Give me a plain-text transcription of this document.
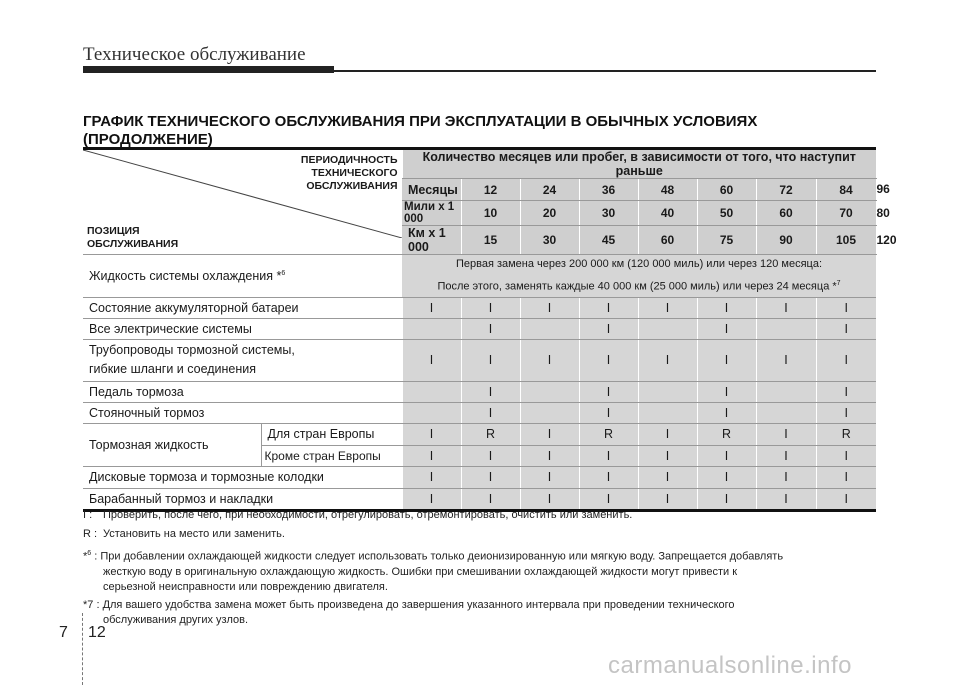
Техническое обслуживание
ГРАФИК ТЕХНИЧЕСКОГО ОБСЛУЖИВАНИЯ ПРИ ЭКСПЛУАТАЦИИ В ОБЫЧНЫХ УСЛОВИЯХ (ПРОДОЛЖЕНИЕ)
ПЕРИОДИЧНОСТЬ
ТЕХНИЧЕСКОГО
ОБСЛУЖИВАНИЯ
ПОЗИЦИЯ
ОБСЛУЖИВАНИЯ		Количество месяцев или пробег, в зависимости от того, что наступит раньше								
		Месяцы	12	24	36	48	60	72	84	96
		Мили x 1 000	10	20	30	40	50	60	70	80
		Км x 1 000	15	30	45	60	75	90	105	120
Жидкость системы охлаждения *$^6$		Первая замена через 200 000 км (120 000 миль) или через 120 месяца:
После этого, заменять каждые 40 000 км (25 000 миль) или через 24 месяца *$^7$

Состояние аккумуляторной батареи		I	I	I	I	I	I	I	I	
Все электрические системы			I		I		I		I	

Трубопроводы тормозной системы,
гибкие шланги и соединения		I	I	I	I	I	I	I	I	
Педаль тормоза			I		I		I		I	
Стояночный тормоз			I		I		I		I	
Тормозная жидкость	Для стран Европы	I	R	I	R	I	R	I	R	
	Кроме стран Европы	I	I	I	I	I	I	I	I	
Дисковые тормоза и тормозные колодки		I	I	I	I	I	I	I	I	
Барабанный тормоз и накладки		I	I	I	I	I	I	I	I	
I : Проверить, после чего, при необходимости, отрегулировать, отремонтировать, очистить или заменить.
R : Установить на место или заменить.
*$^6$ : При добавлении охлаждающей жидкости следует использовать только деионизированную или мягкую воду. Запрещается добавлять
жесткую воду в оригинальную охлаждающую жидкость. Ошибки при смешивании охлаждающей жидкости могут привести к
серьезной неисправности или повреждению двигателя.
*7 : Для вашего удобства замена может быть произведена до завершения указанного интервала при проведении технического
обслуживания других узлов.
7 12
carmanualsonline.info
